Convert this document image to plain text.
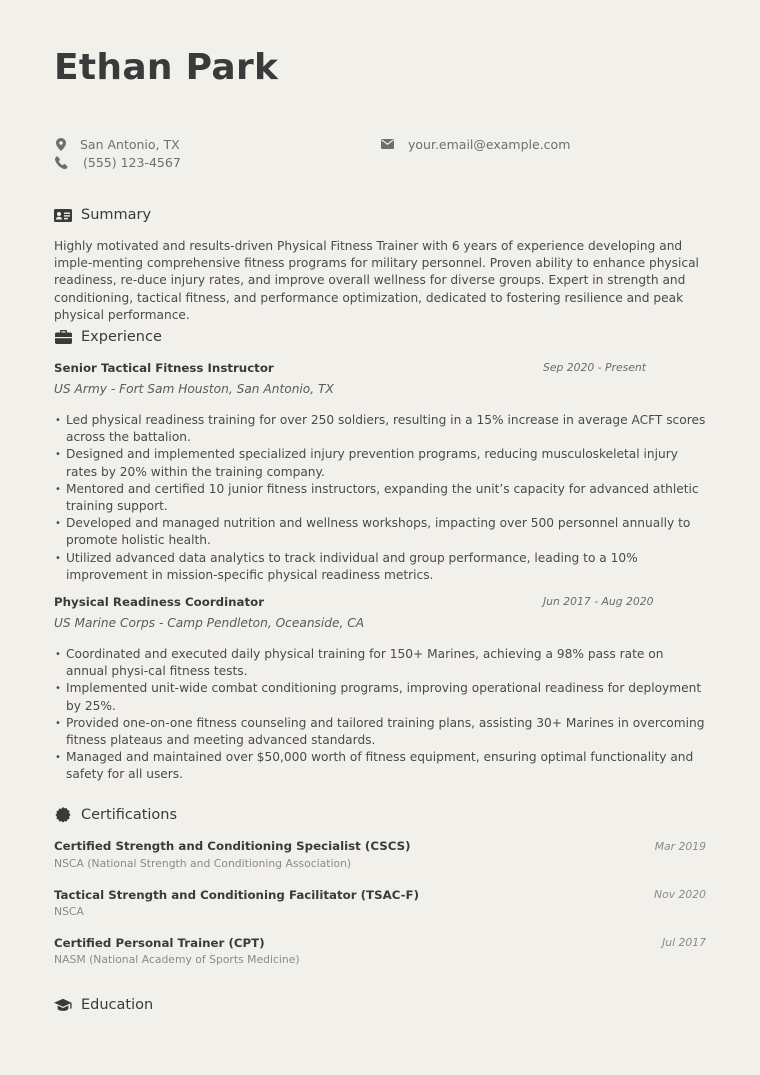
Ethan Park
San Antonio, TX
(555) 123-4567
your.email@example.com
Summary
Highly motivated and results-driven Physical Fitness Trainer with 6 years of experience developing and imple-menting comprehensive fitness programs for military personnel. Proven ability to enhance physical readiness, re-duce injury rates, and improve overall wellness for diverse groups. Expert in strength and conditioning, tactical fitness, and performance optimization, dedicated to fostering resilience and peak physical performance.
Experience
Senior Tactical Fitness Instructor	Sep 2020 - Present
US Army - Fort Sam Houston, San Antonio, TX
• Led physical readiness training for over 250 soldiers, resulting in a 15% increase in average ACFT scores across the battalion.
• Designed and implemented specialized injury prevention programs, reducing musculoskeletal injury rates by 20% within the training company.
• Mentored and certified 10 junior fitness instructors, expanding the unit’s capacity for advanced athletic training support.
• Developed and managed nutrition and wellness workshops, impacting over 500 personnel annually to promote holistic health.
• Utilized advanced data analytics to track individual and group performance, leading to a 10% improvement in mission-specific physical readiness metrics.
Physical Readiness Coordinator	Jun 2017 - Aug 2020
US Marine Corps - Camp Pendleton, Oceanside, CA
• Coordinated and executed daily physical training for 150+ Marines, achieving a 98% pass rate on annual physi-cal fitness tests.
• Implemented unit-wide combat conditioning programs, improving operational readiness for deployment by 25%.
• Provided one-on-one fitness counseling and tailored training plans, assisting 30+ Marines in overcoming fitness plateaus and meeting advanced standards.
• Managed and maintained over $50,000 worth of fitness equipment, ensuring optimal functionality and safety for all users.
Certifications
Certified Strength and Conditioning Specialist (CSCS)	Mar 2019
NSCA (National Strength and Conditioning Association)
Tactical Strength and Conditioning Facilitator (TSAC-F)	Nov 2020
NSCA
Certified Personal Trainer (CPT)	Jul 2017
NASM (National Academy of Sports Medicine)
Education
